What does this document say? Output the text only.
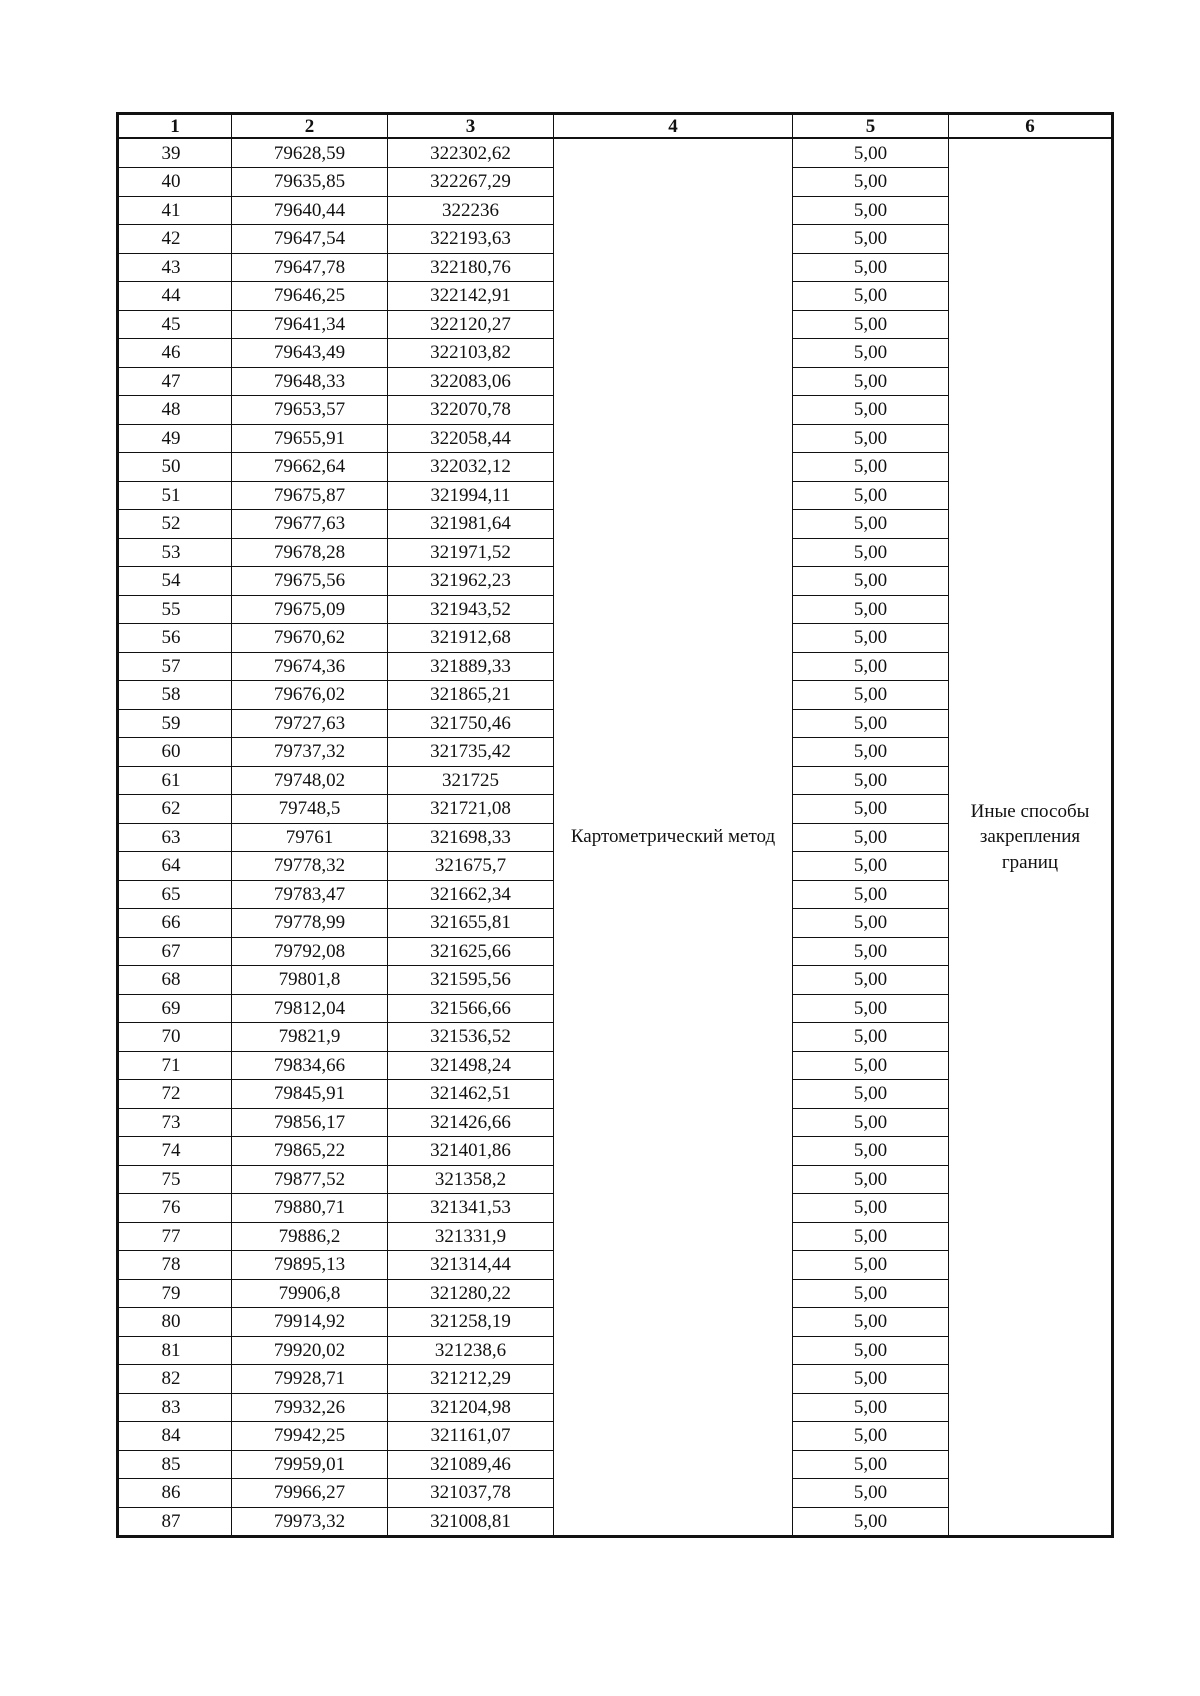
1	2	3	4	5	6
39	79628,59	322302,62	Картометрический метод	5,00	Иные способы закрепления границ
40	79635,85	322267,29		5,00	
41	79640,44	322236		5,00	
42	79647,54	322193,63		5,00	
43	79647,78	322180,76		5,00	
44	79646,25	322142,91		5,00	
45	79641,34	322120,27		5,00	
46	79643,49	322103,82		5,00	
47	79648,33	322083,06		5,00	
48	79653,57	322070,78		5,00	
49	79655,91	322058,44		5,00	
50	79662,64	322032,12		5,00	
51	79675,87	321994,11		5,00	
52	79677,63	321981,64		5,00	
53	79678,28	321971,52		5,00	
54	79675,56	321962,23		5,00	
55	79675,09	321943,52		5,00	
56	79670,62	321912,68		5,00	
57	79674,36	321889,33		5,00	
58	79676,02	321865,21		5,00	
59	79727,63	321750,46		5,00	
60	79737,32	321735,42		5,00	
61	79748,02	321725		5,00	
62	79748,5	321721,08		5,00	
63	79761	321698,33		5,00	
64	79778,32	321675,7		5,00	
65	79783,47	321662,34		5,00	
66	79778,99	321655,81		5,00	
67	79792,08	321625,66		5,00	
68	79801,8	321595,56		5,00	
69	79812,04	321566,66		5,00	
70	79821,9	321536,52		5,00	
71	79834,66	321498,24		5,00	
72	79845,91	321462,51		5,00	
73	79856,17	321426,66		5,00	
74	79865,22	321401,86		5,00	
75	79877,52	321358,2		5,00	
76	79880,71	321341,53		5,00	
77	79886,2	321331,9		5,00	
78	79895,13	321314,44		5,00	
79	79906,8	321280,22		5,00	
80	79914,92	321258,19		5,00	
81	79920,02	321238,6		5,00	
82	79928,71	321212,29		5,00	
83	79932,26	321204,98		5,00	
84	79942,25	321161,07		5,00	
85	79959,01	321089,46		5,00	
86	79966,27	321037,78		5,00	
87	79973,32	321008,81		5,00	
